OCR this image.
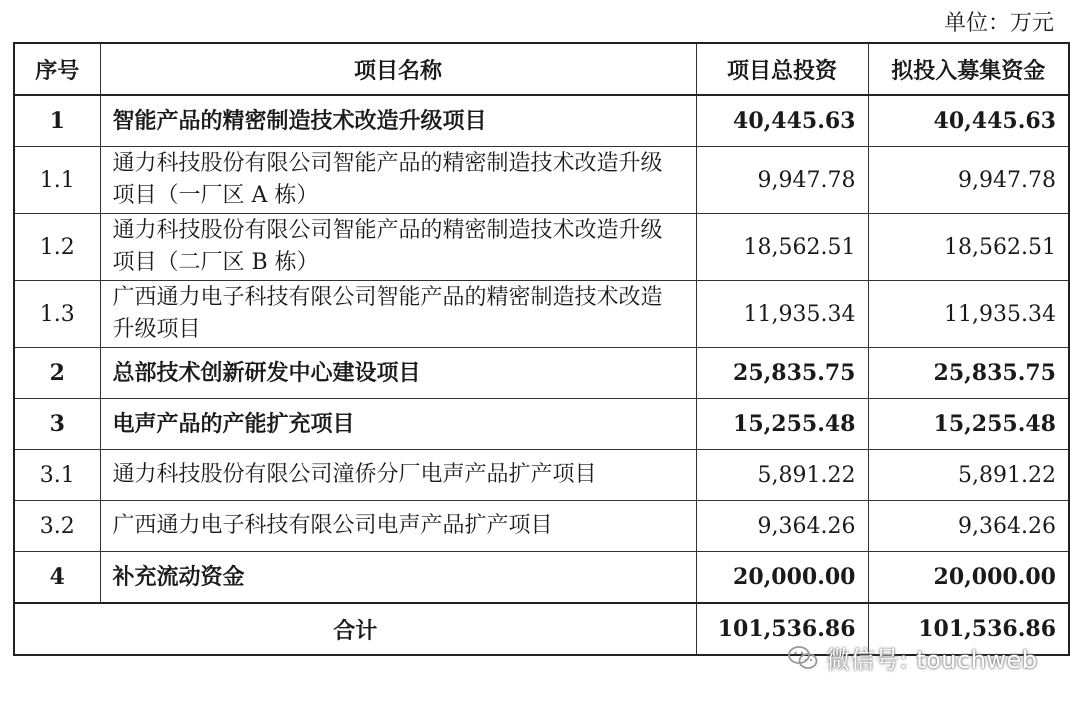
单位：万元
序号	项目名称	项目总投资	拟投入募集资金
1	智能产品的精密制造技术改造升级项目	40,445.63	40,445.63
1.1	通力科技股份有限公司智能产品的精密制造技术改造升级项目（一厂区 A 栋）	9,947.78	9,947.78
1.2	通力科技股份有限公司智能产品的精密制造技术改造升级项目（二厂区 B 栋）	18,562.51	18,562.51
1.3	广西通力电子科技有限公司智能产品的精密制造技术改造升级项目	11,935.34	11,935.34
2	总部技术创新研发中心建设项目	25,835.75	25,835.75
3	电声产品的产能扩充项目	15,255.48	15,255.48
3.1	通力科技股份有限公司潼侨分厂电声产品扩产项目	5,891.22	5,891.22
3.2	广西通力电子科技有限公司电声产品扩产项目	9,364.26	9,364.26
4	补充流动资金	20,000.00	20,000.00
合计		101,536.86	101,536.86
微信号: touchweb
